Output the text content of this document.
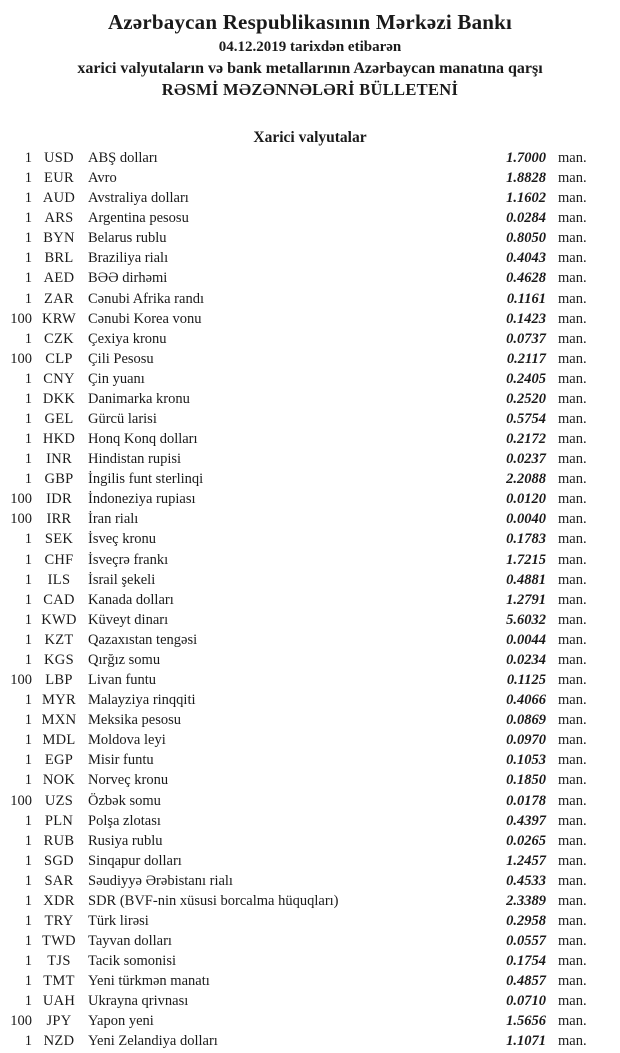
Azərbaycan Respublikasının Mərkəzi Bankı
04.12.2019 tarixdən etibarən
xarici valyutaların və bank metallarının Azərbaycan manatına qarşı
RƏSMİ MƏZƏNNƏLƏRİ BÜLLETENİ
Xarici valyutalar
1 USD ABŞ dolları	1.7000 man.
1 EUR Avro	1.8828 man.
1 AUD Avstraliya dolları	1.1602 man.
1 ARS Argentina pesosu	0.0284 man.
1 BYN Belarus rublu	0.8050 man.
1 BRL Braziliya rialı	0.4043 man.
1 AED BƏƏ dirhəmi	0.4628 man.
1 ZAR Cənubi Afrika randı	0.1161 man.
100 KRW Cənubi Korea vonu	0.1423 man.
1 CZK Çexiya kronu	0.0737 man.
100 CLP	Çili Pesosu	0.2117 man.
1 CNY Çin yuanı	0.2405 man.
1 DKK Danimarka kronu	0.2520 man.
1 GEL Gürcü larisi	0.5754 man.
1 HKD Honq Konq dolları	0.2172 man.
1 INR	Hindistan rupisi	0.0237 man.
1 GBP İngilis funt sterlinqi	2.2088 man.
100 IDR	İndoneziya rupiası	0.0120 man.
100 IRR	İran rialı	0.0040 man.
1 SEK	İsveç kronu	0.1783 man.
1 CHF İsveçrə frankı	1.7215 man.
1	ILS	İsrail şekeli	0.4881 man.
1 CAD Kanada dolları	1.2791 man.
1 KWD Küveyt dinarı	5.6032 man.
1 KZT Qazaxıstan tengəsi	0.0044 man.
1 KGS Qırğız somu	0.0234 man.
100 LBP	Livan funtu	0.1125 man.
1 MYR Malayziya rinqqiti	0.4066 man.
1 MXN Meksika pesosu	0.0869 man.
1 MDL Moldova leyi	0.0970 man.
1 EGP	Misir funtu	0.1053 man.
1 NOK Norveç kronu	0.1850 man.
100 UZS	Özbək somu	0.0178 man.
1 PLN	Polşa zlotası	0.4397 man.
1 RUB Rusiya rublu	0.0265 man.
1 SGD Sinqapur dolları	1.2457 man.
1 SAR Səudiyyə Ərəbistanı rialı	0.4533 man.
1 XDR SDR (BVF-nin xüsusi borcalma hüquqları)	2.3389 man.
1 TRY Türk lirəsi	0.2958 man.
1 TWD Tayvan dolları	0.0557 man.
1	TJS	Tacik somonisi	0.1754 man.
1 TMT Yeni türkmən manatı	0.4857 man.
1 UAH Ukrayna qrivnası	0.0710 man.
100 JPY	Yapon yeni	1.5656 man.
1 NZD Yeni Zelandiya dolları	1.1071 man.
